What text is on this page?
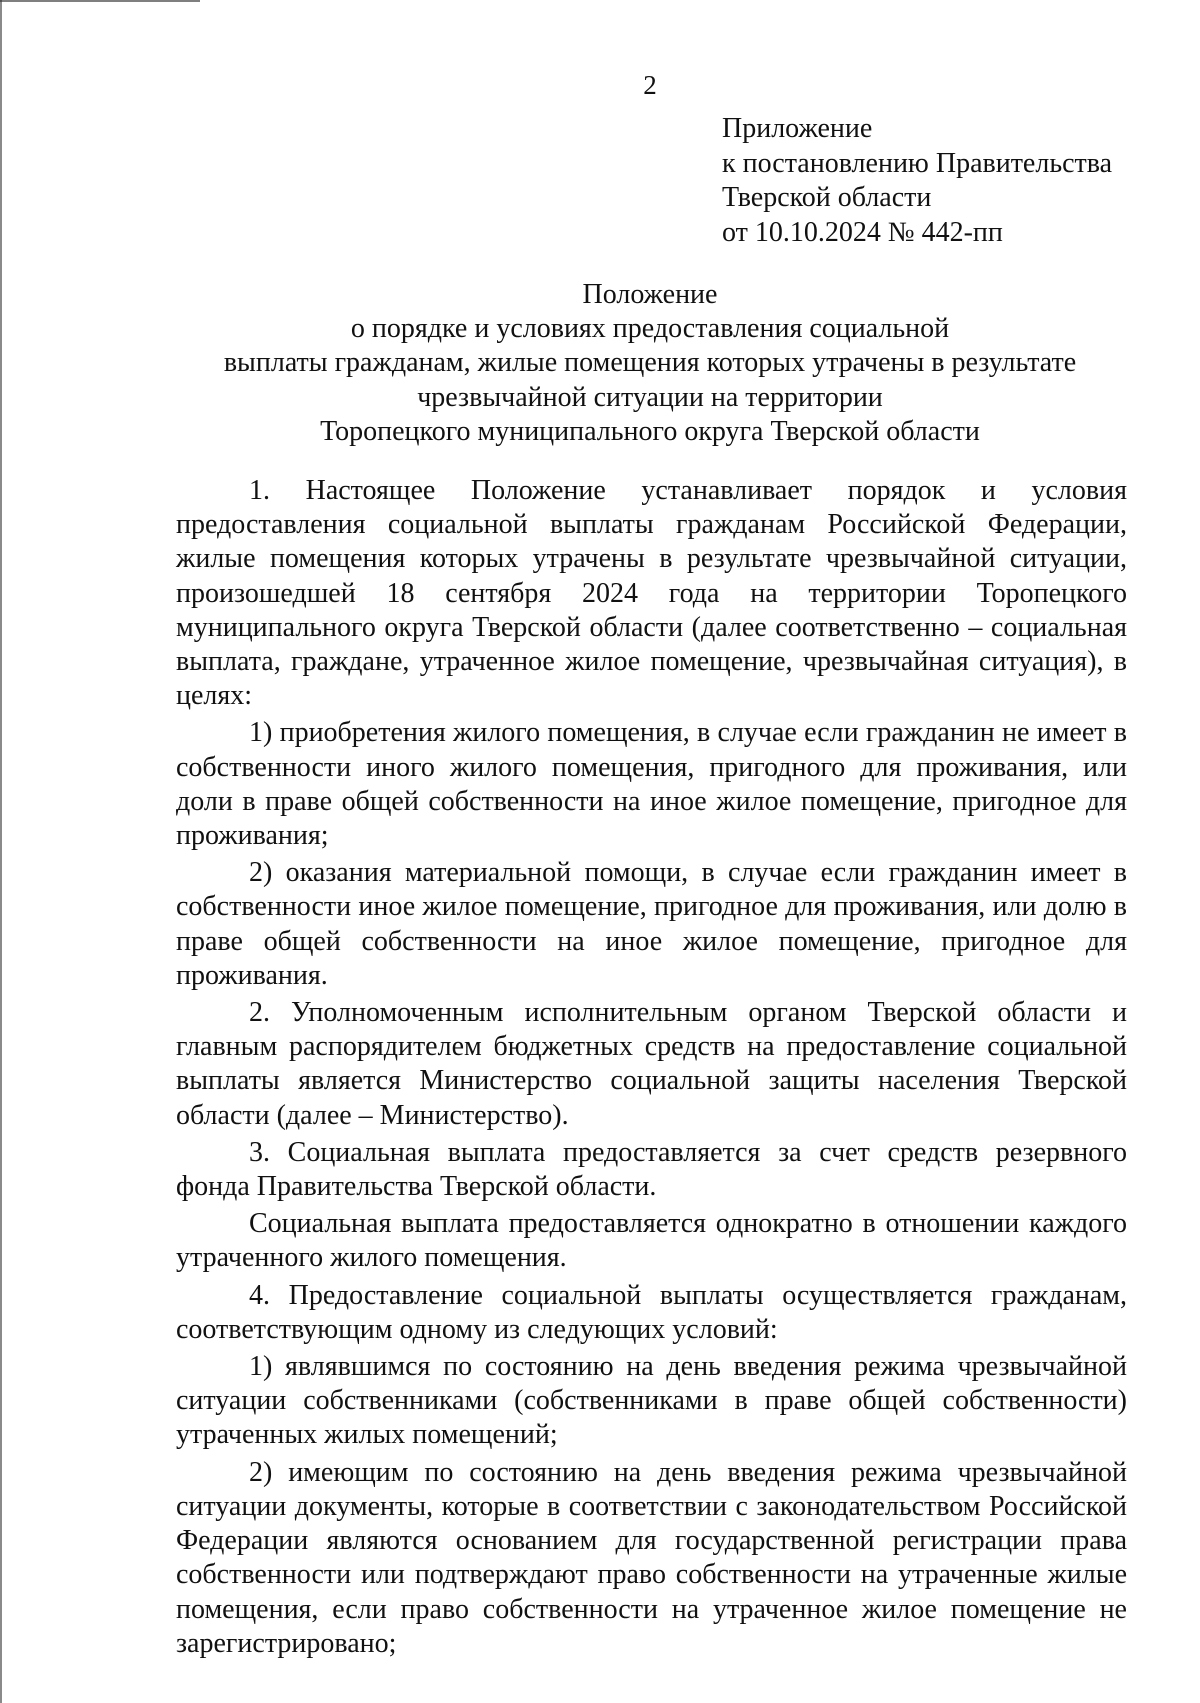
2
Приложение
к постановлению Правительства
Тверской области
от 10.10.2024 № 442-пп
Положение
о порядке и условиях предоставления социальной
выплаты гражданам, жилые помещения которых утрачены в результате
чрезвычайной ситуации на территории
Торопецкого муниципального округа Тверской области

1. Настоящее Положение устанавливает порядок и условия предоставления социальной выплаты гражданам Российской Федерации, жилые помещения которых утрачены в результате чрезвычайной ситуации, произошедшей 18 сентября 2024 года на территории Торопецкого муниципального округа Тверской области (далее соответственно – социальная выплата, граждане, утраченное жилое помещение, чрезвычайная ситуация), в целях:

1) приобретения жилого помещения, в случае если гражданин не имеет в собственности иного жилого помещения, пригодного для проживания, или доли в праве общей собственности на иное жилое помещение, пригодное для проживания;

2) оказания материальной помощи, в случае если гражданин имеет в собственности иное жилое помещение, пригодное для проживания, или долю в праве общей собственности на иное жилое помещение, пригодное для проживания.

2. Уполномоченным исполнительным органом Тверской области и главным распорядителем бюджетных средств на предоставление социальной выплаты является Министерство социальной защиты населения Тверской области (далее – Министерство).

3. Социальная выплата предоставляется за счет средств резервного фонда Правительства Тверской области.

Социальная выплата предоставляется однократно в отношении каждого утраченного жилого помещения.

4. Предоставление социальной выплаты осуществляется гражданам, соответствующим одному из следующих условий:

1) являвшимся по состоянию на день введения режима чрезвычайной ситуации собственниками (собственниками в праве общей собственности) утраченных жилых помещений;

2) имеющим по состоянию на день введения режима чрезвычайной ситуации документы, которые в соответствии с законодательством Российской Федерации являются основанием для государственной регистрации права собственности или подтверждают право собственности на утраченные жилые помещения, если право собственности на утраченное жилое помещение не зарегистрировано;
